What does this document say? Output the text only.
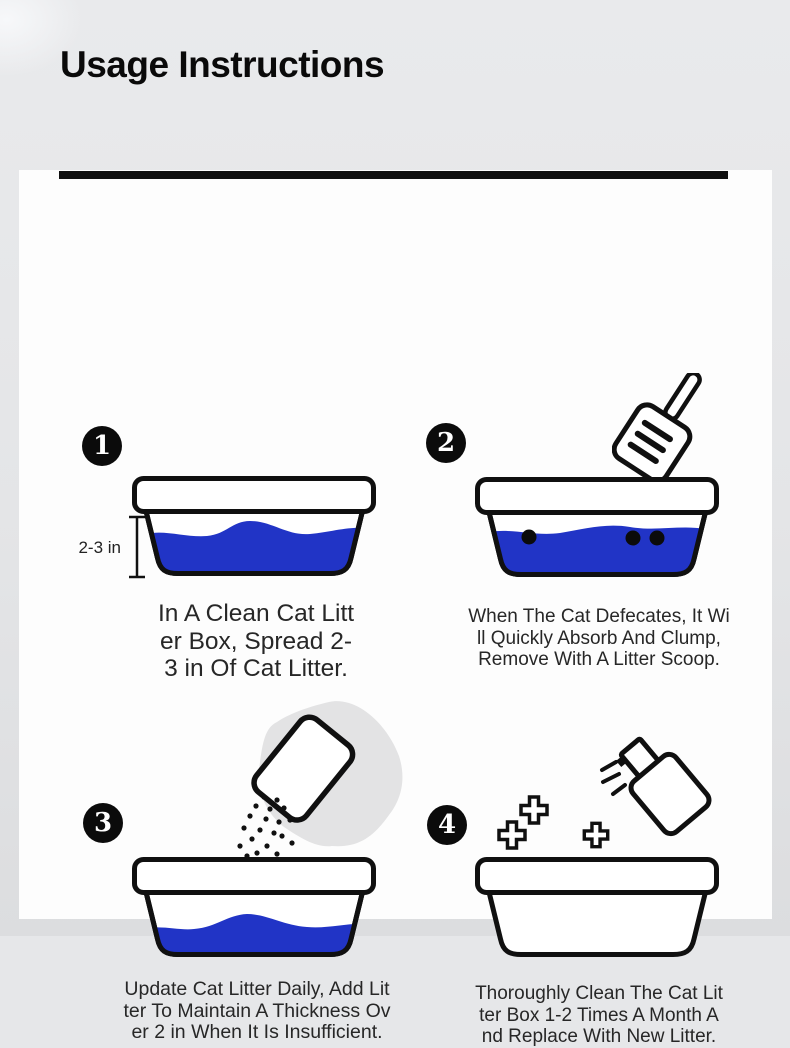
Usage Instructions
1
2-3 in
In A Clean Cat Litt
er Box, Spread 2-
3 in Of Cat Litter.
2
When The Cat Defecates, It Wi
ll Quickly Absorb And Clump,
Remove With A Litter Scoop.
3
Update Cat Litter Daily, Add Lit
ter To Maintain A Thickness Ov
er 2 in When It Is Insufficient.
4
Thoroughly Clean The Cat Lit
ter Box 1-2 Times A Month A
nd Replace With New Litter.
